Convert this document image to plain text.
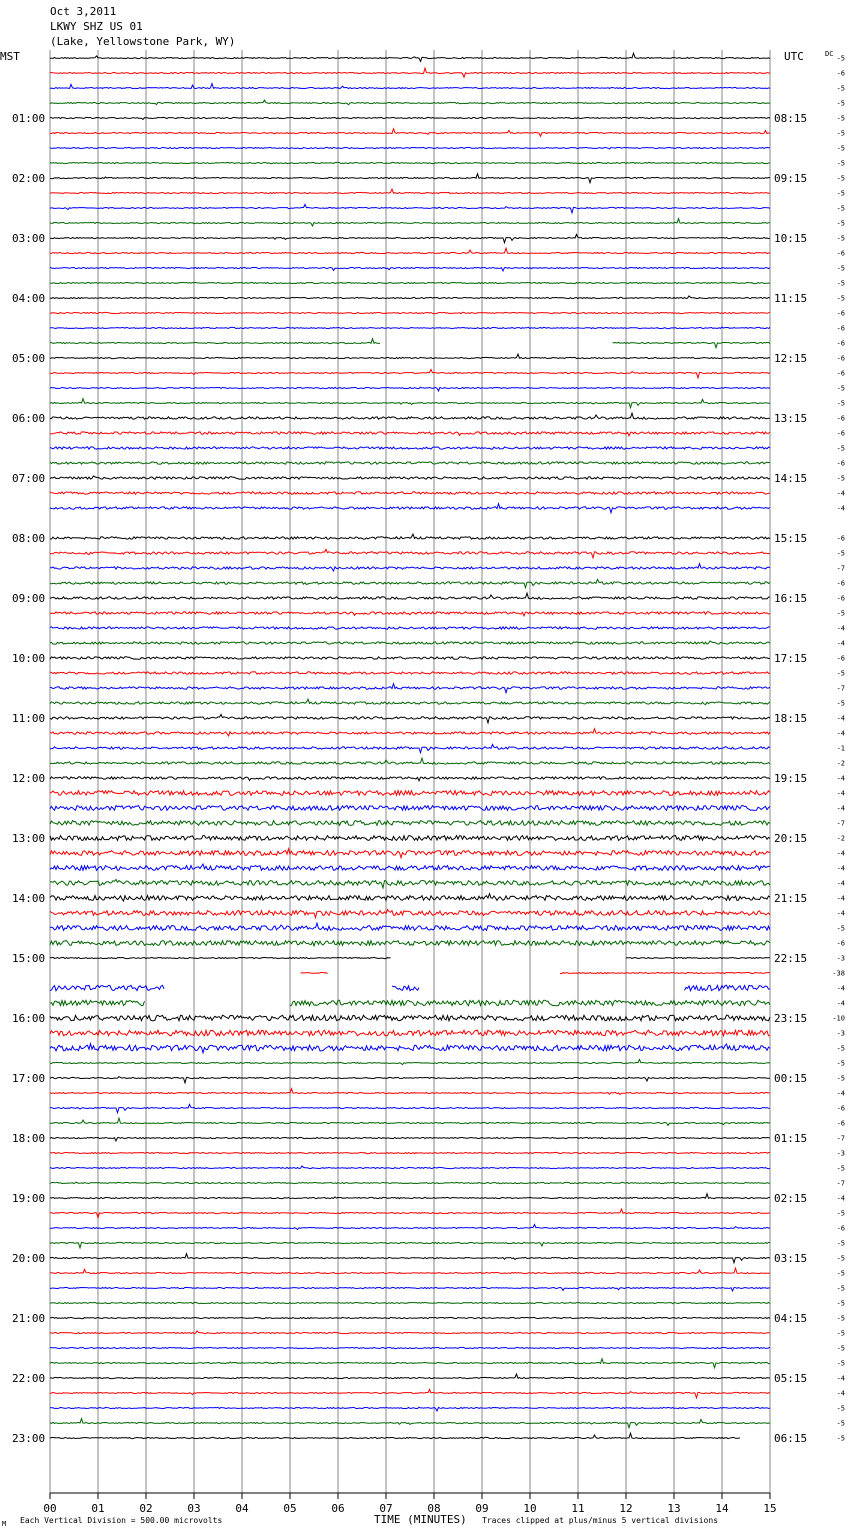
Oct 3,2011
LKWY SHZ US 01
(Lake, Yellowstone Park, WY)
00	01	02	03	04	05	06	07	08	09	10	11	12	13	14	15
-5
-6
-5
-5
-5
-5
-5
-5
-5
-5
-5
-5
-5
-6
-5
-5
-5
-6
-6
-6
-6
-6
-5
-5
-6
-6
-5
-6
-5
-4
-4
-6
-5
-7
-6
-6
-5
-4
-4
-6
-5
-7
-5
-4
-4
-1
-2
-4
-4
-4
-7
-2
-4
-4
-4
-4
-4
-5
-6
-3
-38
-4
-4
-10
-3
-5
-5
-5
-4
-6
-6
-7
-3
-5
-7
-4
-5
-6
-5
-5
-5
-5
-5
-5
-5
-5
-5
-4
-4
-5
-5
-5
01:00
02:00
03:00
04:00
05:00
06:00
07:00
08:00
09:00
10:00
11:00
12:00
13:00
14:00
15:00
16:00
17:00
18:00
19:00
20:00
21:00
22:00
23:00
08:15
09:15
10:15
11:15
12:15
13:15
14:15
15:15
16:15
17:15
18:15
19:15
20:15
21:15
22:15
23:15
00:15
01:15
02:15
03:15
04:15
05:15
06:15
MST	UTC	DC
M Each Vertical Division = 500.00 microvolts	TIME (MINUTES) Traces clipped at plus/minus 5 vertical divisions
